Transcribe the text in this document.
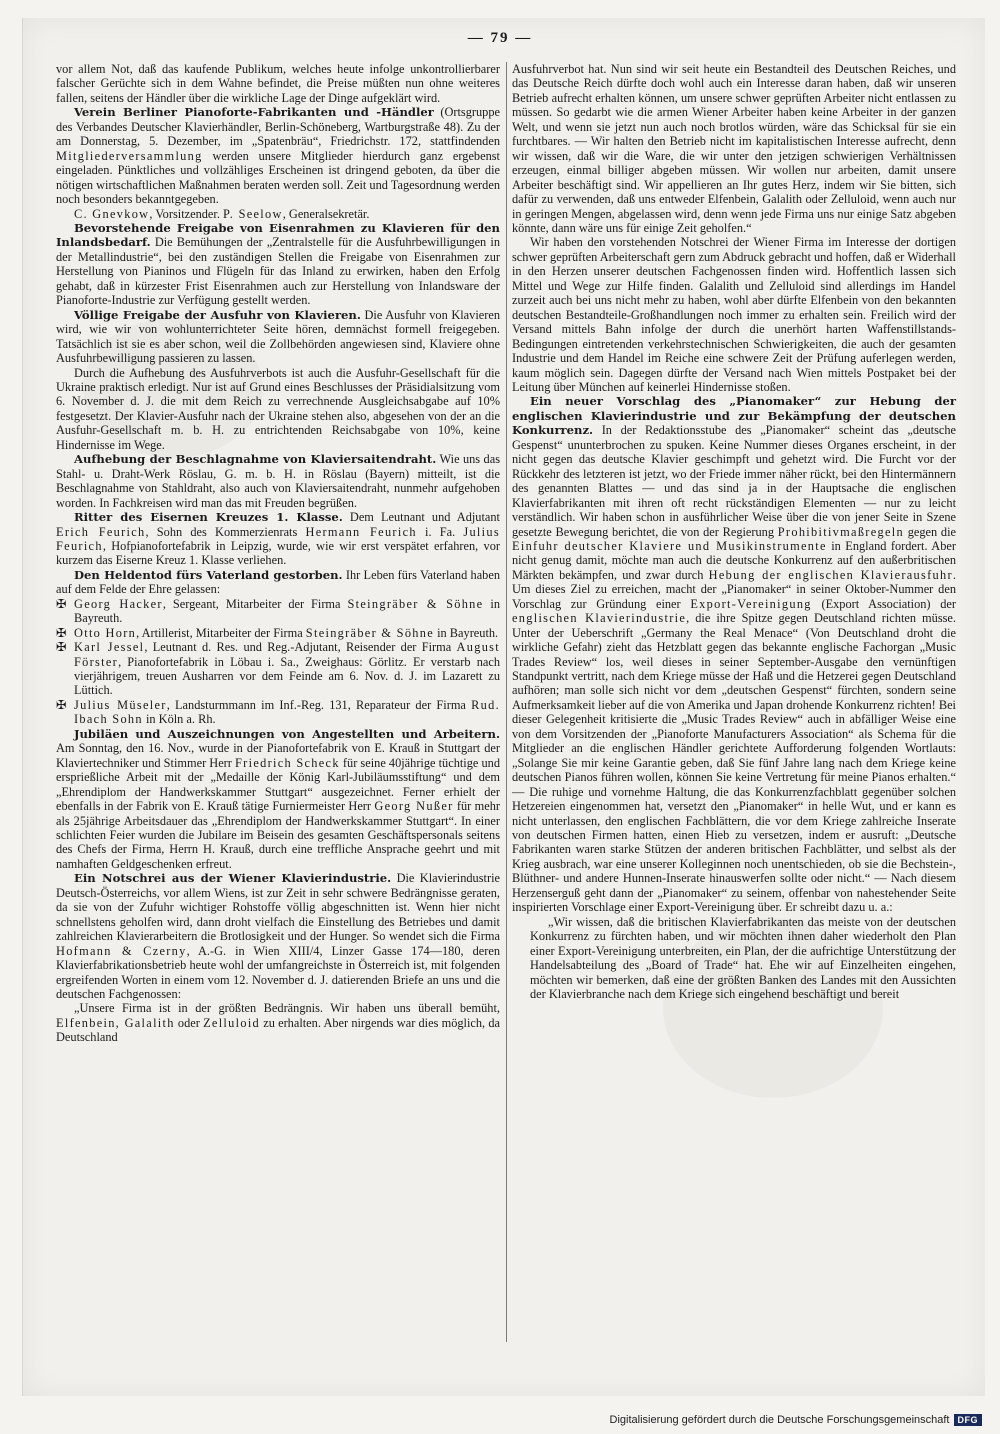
— 79 —

vor allem Not, daß das kaufende Publikum, welches heute infolge unkontrollierbarer falscher Gerüchte sich in dem Wahne befindet, die Preise müßten nun ohne weiteres fallen, seitens der Händler über die wirkliche Lage der Dinge aufgeklärt wird.

Verein Berliner Pianoforte-Fabrikanten und -Händler (Ortsgruppe des Verbandes Deutscher Klavierhändler, Berlin-Schöneberg, Wartburgstraße 48). Zu der am Donnerstag, 5. Dezember, im „Spatenbräu“, Friedrichstr. 172, stattfindenden Mitgliederversammlung werden unsere Mitglieder hierdurch ganz ergebenst eingeladen. Pünktliches und vollzähliges Erscheinen ist dringend geboten, da über die nötigen wirtschaftlichen Maßnahmen beraten werden soll. Zeit und Tagesordnung werden noch besonders bekanntgegeben.

C. Gnevkow, Vorsitzender. P. Seelow, Generalsekretär.

Bevorstehende Freigabe von Eisenrahmen zu Klavieren für den Inlandsbedarf. Die Bemühungen der „Zentralstelle für die Ausfuhrbewilligungen in der Metallindustrie“, bei den zuständigen Stellen die Freigabe von Eisenrahmen zur Herstellung von Pianinos und Flügeln für das Inland zu erwirken, haben den Erfolg gehabt, daß in kürzester Frist Eisenrahmen auch zur Herstellung von Inlandsware der Pianoforte-Industrie zur Verfügung gestellt werden.

Völlige Freigabe der Ausfuhr von Klavieren. Die Ausfuhr von Klavieren wird, wie wir von wohlunterrichteter Seite hören, demnächst formell freigegeben. Tatsächlich ist sie es aber schon, weil die Zollbehörden angewiesen sind, Klaviere ohne Ausfuhrbewilligung passieren zu lassen.

Durch die Aufhebung des Ausfuhrverbots ist auch die Ausfuhr-Gesellschaft für die Ukraine praktisch erledigt. Nur ist auf Grund eines Beschlusses der Präsidialsitzung vom 6. November d. J. die mit dem Reich zu verrechnende Ausgleichsabgabe auf 10% festgesetzt. Der Klavier-Ausfuhr nach der Ukraine stehen also, abgesehen von der an die Ausfuhr-Gesellschaft m. b. H. zu entrichtenden Reichsabgabe von 10%, keine Hindernisse im Wege.

Aufhebung der Beschlagnahme von Klaviersaitendraht. Wie uns das Stahl- u. Draht-Werk Röslau, G. m. b. H. in Röslau (Bayern) mitteilt, ist die Beschlagnahme von Stahldraht, also auch von Klaviersaitendraht, nunmehr aufgehoben worden. In Fachkreisen wird man das mit Freuden begrüßen.

Ritter des Eisernen Kreuzes 1. Klasse. Dem Leutnant und Adjutant Erich Feurich, Sohn des Kommerzienrats Hermann Feurich i. Fa. Julius Feurich, Hofpianofortefabrik in Leipzig, wurde, wie wir erst verspätet erfahren, vor kurzem das Eiserne Kreuz 1. Klasse verliehen.

Den Heldentod fürs Vaterland gestorben. Ihr Leben fürs Vaterland haben auf dem Felde der Ehre gelassen:

✠ Georg Hacker, Sergeant, Mitarbeiter der Firma Steingräber & Söhne in Bayreuth.

✠ Otto Horn, Artillerist, Mitarbeiter der Firma Steingräber & Söhne in Bayreuth.

✠ Karl Jessel, Leutnant d. Res. und Reg.-Adjutant, Reisender der Firma August Förster, Pianofortefabrik in Löbau i. Sa., Zweighaus: Görlitz. Er verstarb nach vierjährigem, treuen Ausharren vor dem Feinde am 6. Nov. d. J. im Lazarett zu Lüttich.

✠ Julius Müseler, Landsturmmann im Inf.-Reg. 131, Reparateur der Firma Rud. Ibach Sohn in Köln a. Rh.

Jubiläen und Auszeichnungen von Angestellten und Arbeitern. Am Sonntag, den 16. Nov., wurde in der Pianofortefabrik von E. Krauß in Stuttgart der Klaviertechniker und Stimmer Herr Friedrich Scheck für seine 40jährige tüchtige und ersprießliche Arbeit mit der „Medaille der König Karl-Jubiläumsstiftung“ und dem „Ehrendiplom der Handwerkskammer Stuttgart“ ausgezeichnet. Ferner erhielt der ebenfalls in der Fabrik von E. Krauß tätige Furniermeister Herr Georg Nußer für mehr als 25jährige Arbeitsdauer das „Ehrendiplom der Handwerkskammer Stuttgart“. In einer schlichten Feier wurden die Jubilare im Beisein des gesamten Geschäftspersonals seitens des Chefs der Firma, Herrn H. Krauß, durch eine treffliche Ansprache geehrt und mit namhaften Geldgeschenken erfreut.

Ein Notschrei aus der Wiener Klavierindustrie. Die Klavierindustrie Deutsch-Österreichs, vor allem Wiens, ist zur Zeit in sehr schwere Bedrängnisse geraten, da sie von der Zufuhr wichtiger Rohstoffe völlig abgeschnitten ist. Wenn hier nicht schnellstens geholfen wird, dann droht vielfach die Einstellung des Betriebes und damit zahlreichen Klavierarbeitern die Brotlosigkeit und der Hunger. So wendet sich die Firma Hofmann & Czerny, A.-G. in Wien XIII/4, Linzer Gasse 174—180, deren Klavierfabrikationsbetrieb heute wohl der umfangreichste in Österreich ist, mit folgenden ergreifenden Worten in einem vom 12. November d. J. datierenden Briefe an uns und die deutschen Fachgenossen:

„Unsere Firma ist in der größten Bedrängnis. Wir haben uns überall bemüht, Elfenbein, Galalith oder Zelluloid zu erhalten. Aber nirgends war dies möglich, da Deutschland

Ausfuhrverbot hat. Nun sind wir seit heute ein Bestandteil des Deutschen Reiches, und das Deutsche Reich dürfte doch wohl auch ein Interesse daran haben, daß wir unseren Betrieb aufrecht erhalten können, um unsere schwer geprüften Arbeiter nicht entlassen zu müssen. So gedarbt wie die armen Wiener Arbeiter haben keine Arbeiter in der ganzen Welt, und wenn sie jetzt nun auch noch brotlos würden, wäre das Schicksal für sie ein furchtbares. — Wir halten den Betrieb nicht im kapitalistischen Interesse aufrecht, denn wir wissen, daß wir die Ware, die wir unter den jetzigen schwierigen Verhältnissen erzeugen, einmal billiger abgeben müssen. Wir wollen nur arbeiten, damit unsere Arbeiter beschäftigt sind. Wir appellieren an Ihr gutes Herz, indem wir Sie bitten, sich dafür zu verwenden, daß uns entweder Elfenbein, Galalith oder Zelluloid, wenn auch nur in geringen Mengen, abgelassen wird, denn wenn jede Firma uns nur einige Satz abgeben könnte, dann wäre uns für einige Zeit geholfen.“

Wir haben den vorstehenden Notschrei der Wiener Firma im Interesse der dortigen schwer geprüften Arbeiterschaft gern zum Abdruck gebracht und hoffen, daß er Widerhall in den Herzen unserer deutschen Fachgenossen finden wird. Hoffentlich lassen sich Mittel und Wege zur Hilfe finden. Galalith und Zelluloid sind allerdings im Handel zurzeit auch bei uns nicht mehr zu haben, wohl aber dürfte Elfenbein von den bekannten deutschen Bestandteile-Großhandlungen noch immer zu erhalten sein. Freilich wird der Versand mittels Bahn infolge der durch die unerhört harten Waffenstillstands-Bedingungen eintretenden verkehrstechnischen Schwierigkeiten, die auch der gesamten Industrie und dem Handel im Reiche eine schwere Zeit der Prüfung auferlegen werden, kaum möglich sein. Dagegen dürfte der Versand nach Wien mittels Postpaket bei der Leitung über München auf keinerlei Hindernisse stoßen.

Ein neuer Vorschlag des „Pianomaker“ zur Hebung der englischen Klavierindustrie und zur Bekämpfung der deutschen Konkurrenz. In der Redaktionsstube des „Pianomaker“ scheint das „deutsche Gespenst“ ununterbrochen zu spuken. Keine Nummer dieses Organes erscheint, in der nicht gegen das deutsche Klavier geschimpft und gehetzt wird. Die Furcht vor der Rückkehr des letzteren ist jetzt, wo der Friede immer näher rückt, bei den Hintermännern des genannten Blattes — und das sind ja in der Hauptsache die englischen Klavierfabrikanten mit ihren oft recht rückständigen Elementen — nur zu leicht verständlich. Wir haben schon in ausführlicher Weise über die von jener Seite in Szene gesetzte Bewegung berichtet, die von der Regierung Prohibitivmaßregeln gegen die Einfuhr deutscher Klaviere und Musikinstrumente in England fordert. Aber nicht genug damit, möchte man auch die deutsche Konkurrenz auf den außerbritischen Märkten bekämpfen, und zwar durch Hebung der englischen Klavierausfuhr. Um dieses Ziel zu erreichen, macht der „Pianomaker“ in seiner Oktober-Nummer den Vorschlag zur Gründung einer Export-Vereinigung (Export Association) der englischen Klavierindustrie, die ihre Spitze gegen Deutschland richten müsse. Unter der Ueberschrift „Germany the Real Menace“ (Von Deutschland droht die wirkliche Gefahr) zieht das Hetzblatt gegen das bekannte englische Fachorgan „Music Trades Review“ los, weil dieses in seiner September-Ausgabe den vernünftigen Standpunkt vertritt, nach dem Kriege müsse der Haß und die Hetzerei gegen Deutschland aufhören; man solle sich nicht vor dem „deutschen Gespenst“ fürchten, sondern seine Aufmerksamkeit lieber auf die von Amerika und Japan drohende Konkurrenz richten! Bei dieser Gelegenheit kritisierte die „Music Trades Review“ auch in abfälliger Weise eine von dem Vorsitzenden der „Pianoforte Manufacturers Association“ als Schema für die Mitglieder an die englischen Händler gerichtete Aufforderung folgenden Wortlauts: „Solange Sie mir keine Garantie geben, daß Sie fünf Jahre lang nach dem Kriege keine deutschen Pianos führen wollen, können Sie keine Vertretung für meine Pianos erhalten.“ — Die ruhige und vornehme Haltung, die das Konkurrenzfachblatt gegenüber solchen Hetzereien eingenommen hat, versetzt den „Pianomaker“ in helle Wut, und er kann es nicht unterlassen, den englischen Fachblättern, die vor dem Kriege zahlreiche Inserate von deutschen Firmen hatten, einen Hieb zu versetzen, indem er ausruft: „Deutsche Fabrikanten waren starke Stützen der anderen britischen Fachblätter, und selbst als der Krieg ausbrach, war eine unserer Kolleginnen noch unentschieden, ob sie die Bechstein-, Blüthner- und andere Hunnen-Inserate hinauswerfen sollte oder nicht.“ — Nach diesem Herzenserguß geht dann der „Pianomaker“ zu seinem, offenbar von nahestehender Seite inspirierten Vorschlage einer Export-Vereinigung über. Er schreibt dazu u. a.:

„Wir wissen, daß die britischen Klavierfabrikanten das meiste von der deutschen Konkurrenz zu fürchten haben, und wir möchten ihnen daher wiederholt den Plan einer Export-Vereinigung unterbreiten, ein Plan, der die aufrichtige Unterstützung der Handelsabteilung des „Board of Trade“ hat. Ehe wir auf Einzelheiten eingehen, möchten wir bemerken, daß eine der größten Banken des Landes mit den Aussichten der Klavierbranche nach dem Kriege sich eingehend beschäftigt und bereit

Digitalisierung gefördert durch die Deutsche Forschungsgemeinschaft DFG
